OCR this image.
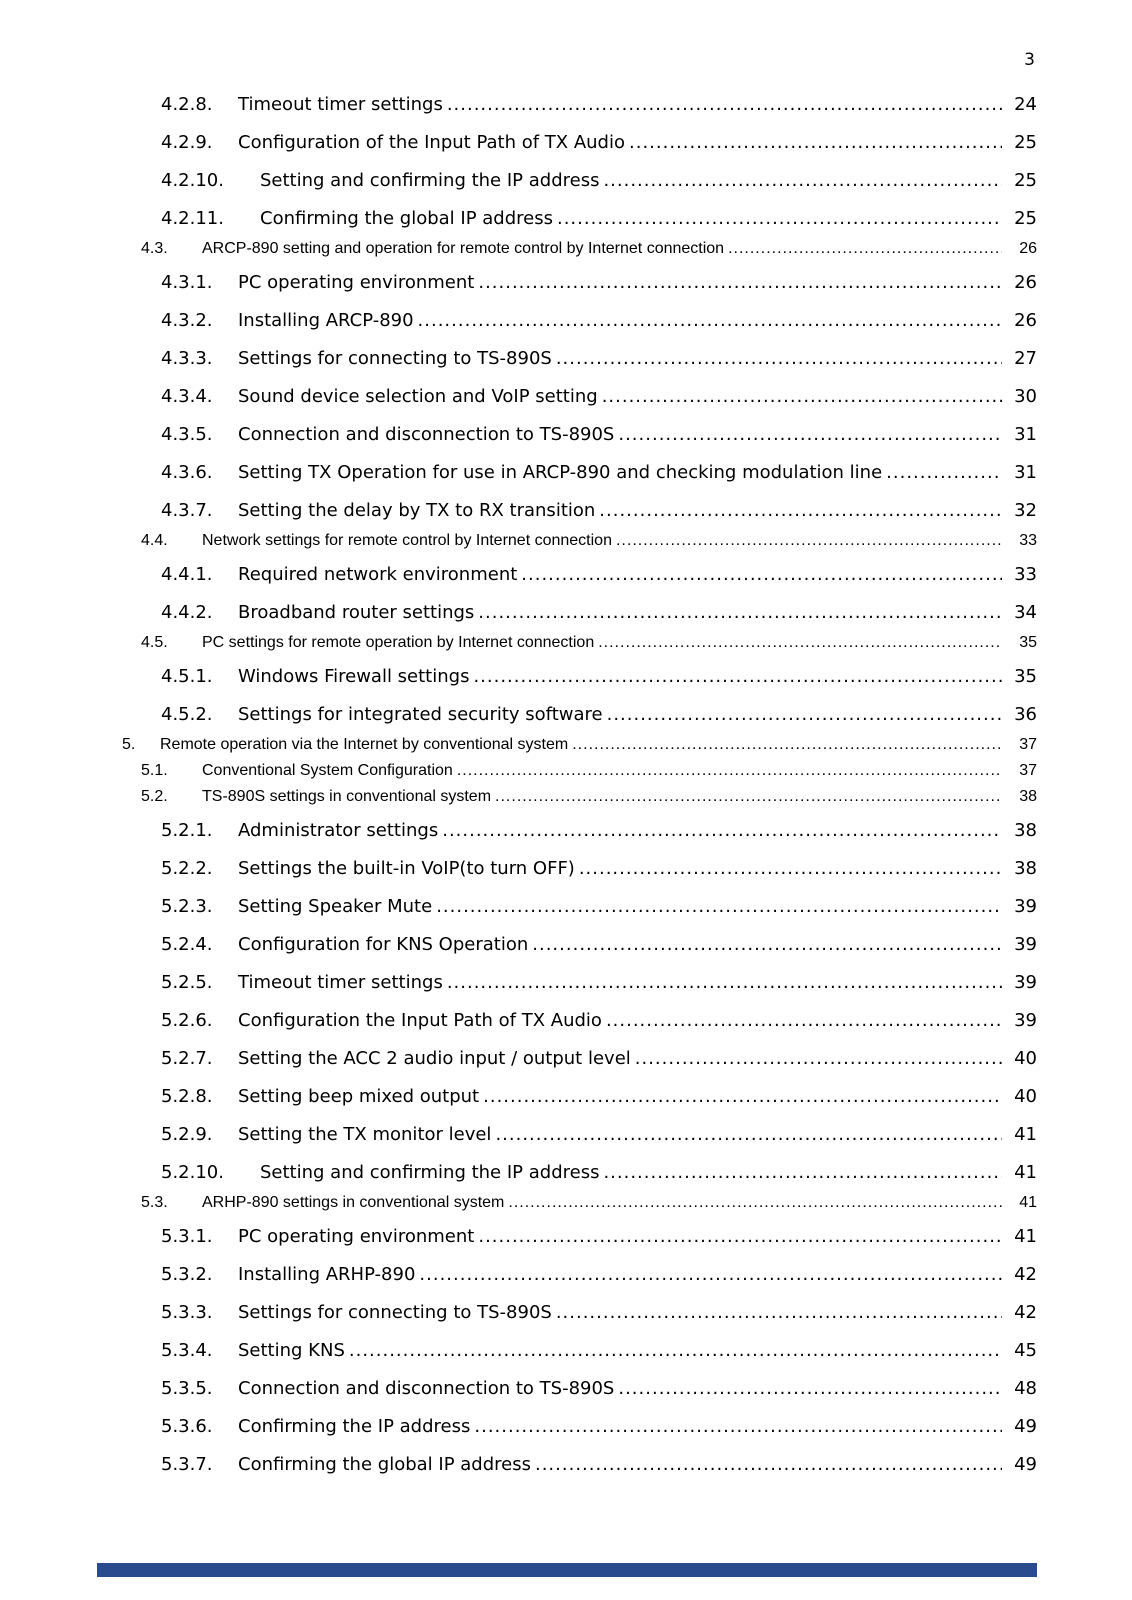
3
4.2.8.	Timeout timer settings .....	24
4.2.9.	Configuration of the Input Path of TX Audio .....	25
4.2.10.	Setting and confirming the IP address .....	25
4.2.11.	Confirming the global IP address .....	25
4.3.	ARCP-890 setting and operation for remote control by Internet connection .....	26
4.3.1.	PC operating environment .....	26
4.3.2.	Installing ARCP-890 .....	26
4.3.3.	Settings for connecting to TS-890S .....	27
4.3.4.	Sound device selection and VoIP setting .....	30
4.3.5.	Connection and disconnection to TS-890S .....	31
4.3.6.	Setting TX Operation for use in ARCP-890 and checking modulation line .....	31
4.3.7.	Setting the delay by TX to RX transition .....	32
4.4.	Network settings for remote control by Internet connection .....	33
4.4.1.	Required network environment .....	33
4.4.2.	Broadband router settings .....	34
4.5.	PC settings for remote operation by Internet connection .....	35
4.5.1.	Windows Firewall settings .....	35
4.5.2.	Settings for integrated security software .....	36
5.	Remote operation via the Internet by conventional system .....	37
5.1.	Conventional System Configuration .....	37
5.2.	TS-890S settings in conventional system .....	38
5.2.1.	Administrator settings .....	38
5.2.2.	Settings the built-in VoIP(to turn OFF) .....	38
5.2.3.	Setting Speaker Mute .....	39
5.2.4.	Configuration for KNS Operation .....	39
5.2.5.	Timeout timer settings .....	39
5.2.6.	Configuration the Input Path of TX Audio .....	39
5.2.7.	Setting the ACC 2 audio input / output level .....	40
5.2.8.	Setting beep mixed output .....	40
5.2.9.	Setting the TX monitor level .....	41
5.2.10.	Setting and confirming the IP address .....	41
5.3.	ARHP-890 settings in conventional system .....	41
5.3.1.	PC operating environment .....	41
5.3.2.	Installing ARHP-890 .....	42
5.3.3.	Settings for connecting to TS-890S .....	42
5.3.4.	Setting KNS .....	45
5.3.5.	Connection and disconnection to TS-890S .....	48
5.3.6.	Confirming the IP address .....	49
5.3.7.	Confirming the global IP address .....	49
